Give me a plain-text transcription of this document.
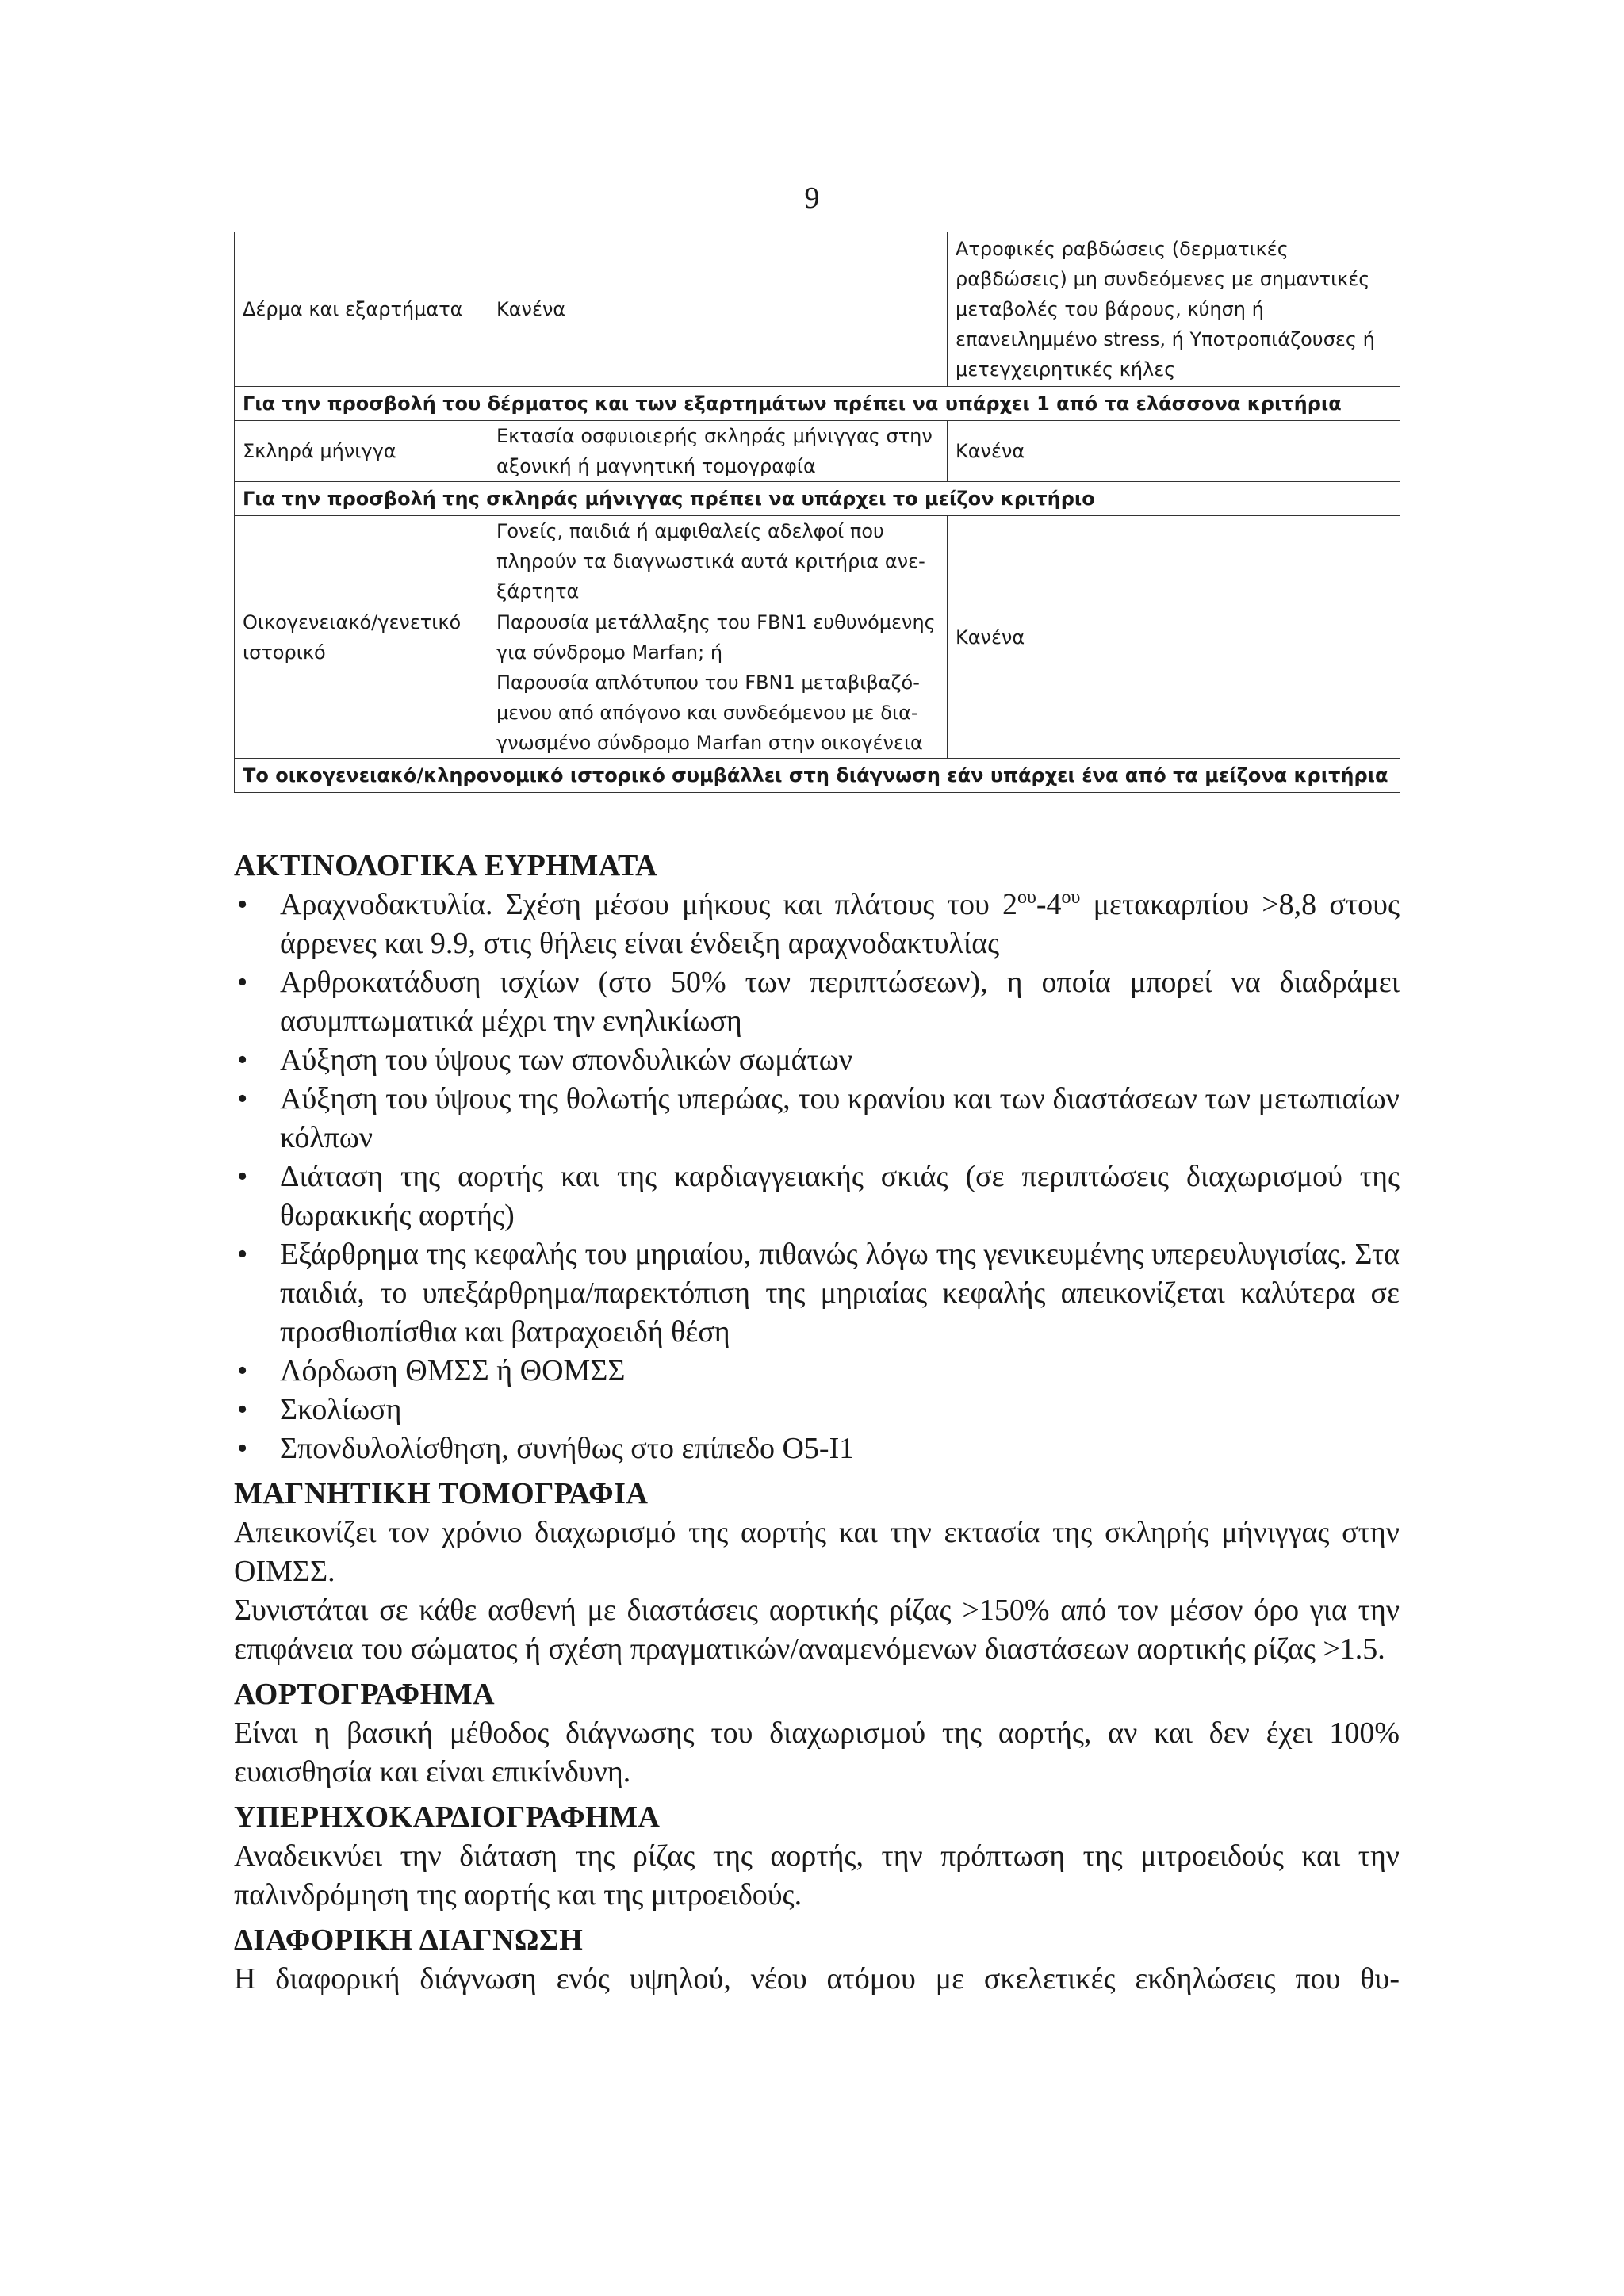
9
Δέρμα και εξαρτήματα	Κανένα	Ατροφικές ραβδώσεις (δερματικές ραβδώσεις) μη συνδεόμενες με σημαντικές μεταβολές του βάρους, κύηση ή επανειλημμένο stress, ή Υποτροπιάζουσες ή μετεγχειρητικές κήλες
Για την προσβολή του δέρματος και των εξαρτημάτων πρέπει να υπάρχει 1 από τα ελάσσονα κριτήρια		
Σκληρά μήνιγγα	Εκτασία οσφυιοιερής σκληράς μήνιγγας στην αξονική ή μαγνητική τομογραφία	Κανένα
Για την προσβολή της σκληράς μήνιγγας πρέπει να υπάρχει το μείζον κριτήριο		
Οικογενειακό/γενετικό ιστορικό	Γονείς, παιδιά ή αμφιθαλείς αδελφοί που πληρούν τα διαγνωστικά αυτά κριτήρια ανεξάρτητα	Κανένα

	Παρουσία μετάλλαξης του FBN1 ευθυνόμενης για σύνδρομο Marfan; ή
Παρουσία απλότυπου του FBN1 μεταβιβαζόμενου από απόγονο και συνδεόμενου με διαγνωσμένο σύνδρομο Marfan στην οικογένεια	

Το οικογενειακό/κληρονομικό ιστορικό συμβάλλει στη διάγνωση εάν υπάρχει ένα από τα μείζονα κριτήρια		
ΑΚΤΙΝΟΛΟΓΙΚΑ ΕΥΡΗΜΑΤΑ
• Αραχνοδακτυλία. Σχέση μέσου μήκους και πλάτους του $2^{o\upsilon}-4^{o\upsilon}$ μετακαρπίου >8,8 στους άρρενες και 9.9, στις θήλεις είναι ένδειξη αραχνοδακτυλίας
• Αρθροκατάδυση ισχίων (στο 50% των περιπτώσεων), η οποία μπορεί να διαδράμει ασυμπτωματικά μέχρι την ενηλικίωση
• Αύξηση του ύψους των σπονδυλικών σωμάτων
• Αύξηση του ύψους της θολωτής υπερώας, του κρανίου και των διαστάσεων των μετωπιαίων κόλπων
• Διάταση της αορτής και της καρδιαγγειακής σκιάς (σε περιπτώσεις διαχωρισμού της θωρακικής αορτής)
• Εξάρθρημα της κεφαλής του μηριαίου, πιθανώς λόγω της γενικευμένης υπερευλυγισίας. Στα παιδιά, το υπεξάρθρημα/παρεκτόπιση της μηριαίας κεφαλής απεικονίζεται καλύτερα σε προσθιοπίσθια και βατραχοειδή θέση
• Λόρδωση ΘΜΣΣ ή ΘΟΜΣΣ
• Σκολίωση
• Σπονδυλολίσθηση, συνήθως στο επίπεδο Ο5-Ι1
ΜΑΓΝΗΤΙΚΗ ΤΟΜΟΓΡΑΦΙΑ

Απεικονίζει τον χρόνιο διαχωρισμό της αορτής και την εκτασία της σκληρής μήνιγγας στην ΟΙΜΣΣ.

Συνιστάται σε κάθε ασθενή με διαστάσεις αορτικής ρίζας >150% από τον μέσον όρο για την επιφάνεια του σώματος ή σχέση πραγματικών/αναμενόμενων διαστάσεων αορτικής ρίζας >1.5.

ΑΟΡΤΟΓΡΑΦΗΜΑ

Είναι η βασική μέθοδος διάγνωσης του διαχωρισμού της αορτής, αν και δεν έχει 100% ευαισθησία και είναι επικίνδυνη.

ΥΠΕΡΗΧΟΚΑΡΔΙΟΓΡΑΦΗΜΑ

Αναδεικνύει την διάταση της ρίζας της αορτής, την πρόπτωση της μιτροειδούς και την παλινδρόμηση της αορτής και της μιτροειδούς.

ΔΙΑΦΟΡΙΚΗ ΔΙΑΓΝΩΣΗ

Η διαφορική διάγνωση ενός υψηλού, νέου ατόμου με σκελετικές εκδηλώσεις που θυ-
